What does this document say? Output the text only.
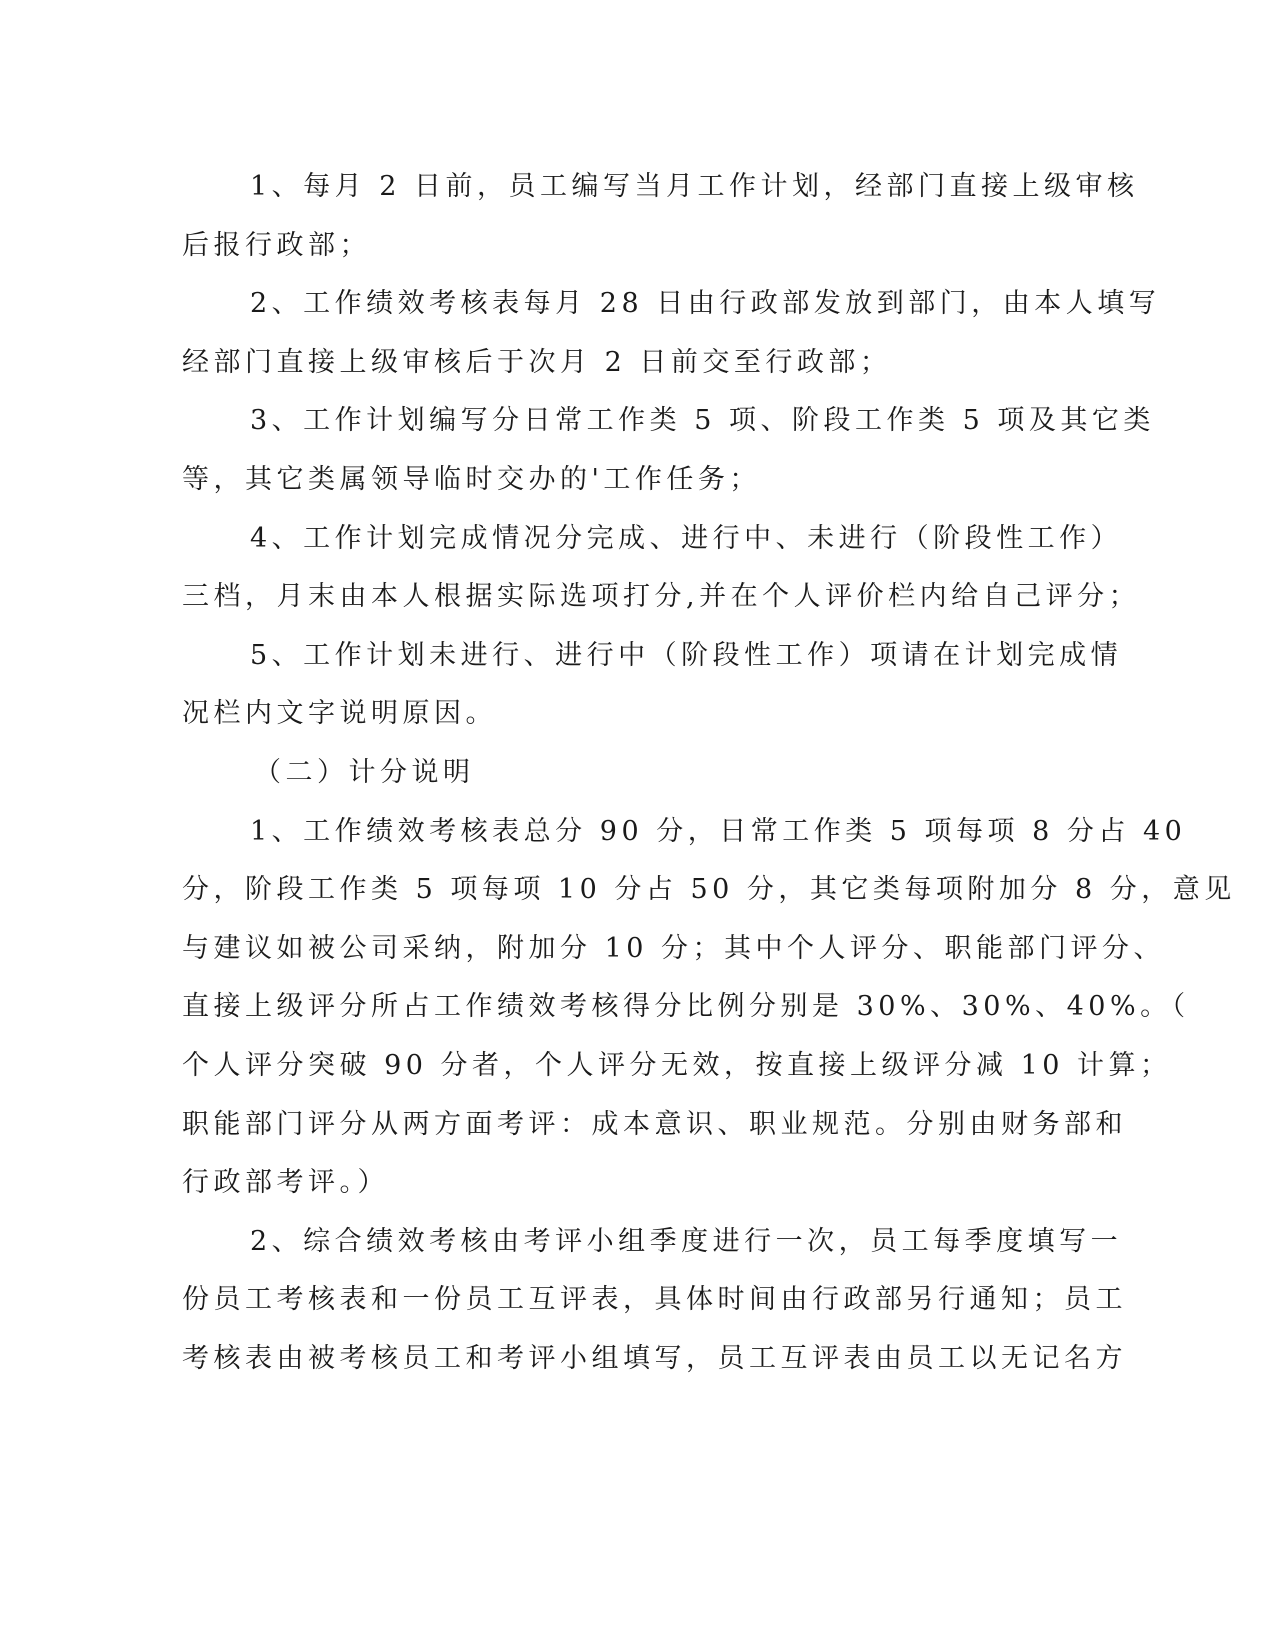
1、每月 2 日前，员工编写当月工作计划，经部门直接上级审核
后报行政部；
2、工作绩效考核表每月 28 日由行政部发放到部门，由本人填写
经部门直接上级审核后于次月 2 日前交至行政部；
3、工作计划编写分日常工作类 5 项、阶段工作类 5 项及其它类
等，其它类属领导临时交办的'工作任务；
4、工作计划完成情况分完成、进行中、未进行（阶段性工作）
三档，月末由本人根据实际选项打分,并在个人评价栏内给自己评分；
5、工作计划未进行、进行中（阶段性工作）项请在计划完成情
况栏内文字说明原因。
（二）计分说明
1、工作绩效考核表总分 90 分，日常工作类 5 项每项 8 分占 40
分，阶段工作类 5 项每项 10 分占 50 分，其它类每项附加分 8 分，意见
与建议如被公司采纳，附加分 10 分；其中个人评分、职能部门评分、
直接上级评分所占工作绩效考核得分比例分别是 30%、30%、40%。（
个人评分突破 90 分者，个人评分无效，按直接上级评分减 10 计算；
职能部门评分从两方面考评：成本意识、职业规范。分别由财务部和
行政部考评。）
2、综合绩效考核由考评小组季度进行一次，员工每季度填写一
份员工考核表和一份员工互评表，具体时间由行政部另行通知；员工
考核表由被考核员工和考评小组填写，员工互评表由员工以无记名方
